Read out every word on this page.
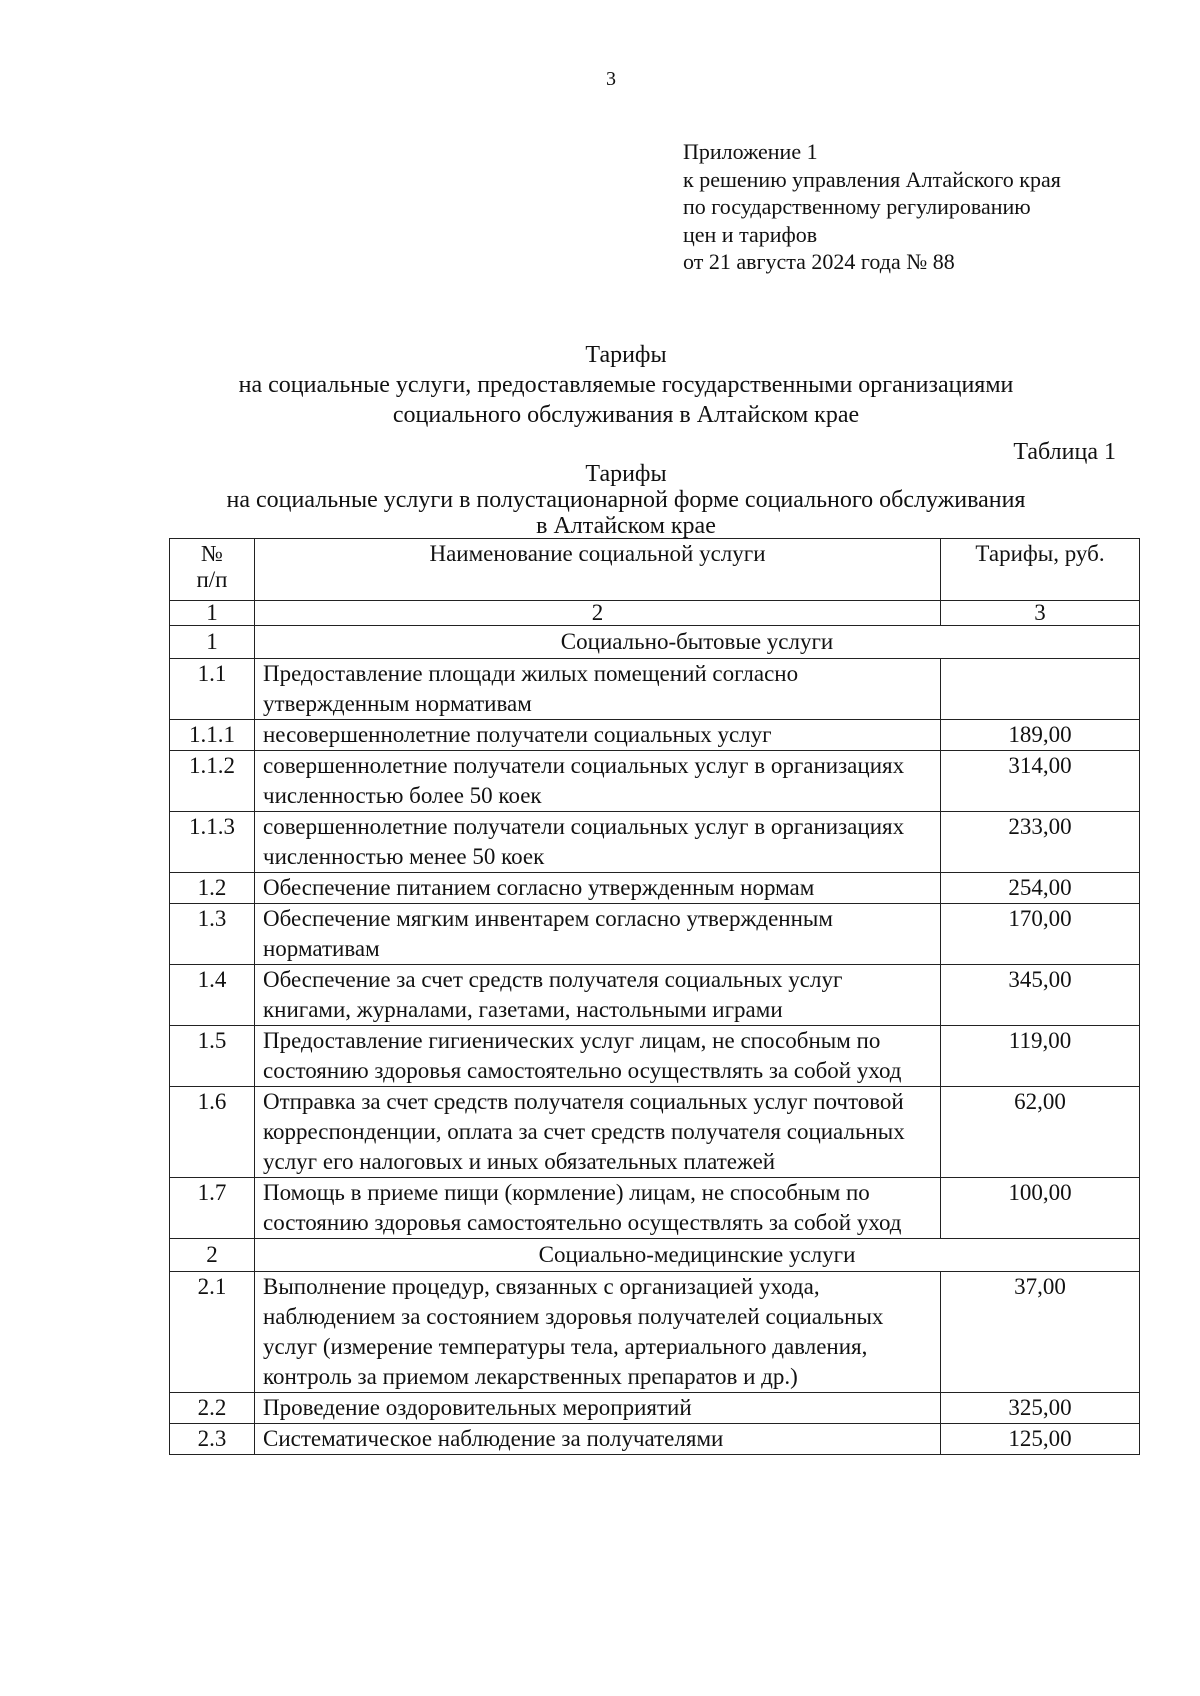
3
Приложение 1
к решению управления Алтайского края
по государственному регулированию
цен и тарифов
от 21 августа 2024 года № 88
Тарифы
на социальные услуги, предоставляемые государственными организациями
социального обслуживания в Алтайском крае
Таблица 1
Тарифы
на социальные услуги в полустационарной форме социального обслуживания
в Алтайском крае
№
п/п	Наименование социальной услуги	Тарифы, руб.
1	2	3
1	Социально-бытовые услуги	
1.1	Предоставление площади жилых помещений согласно утвержденным нормативам	
1.1.1	несовершеннолетние получатели социальных услуг	189,00
1.1.2	совершеннолетние получатели социальных услуг в организациях численностью более 50 коек	314,00
1.1.3	совершеннолетние получатели социальных услуг в организациях численностью менее 50 коек	233,00
1.2	Обеспечение питанием согласно утвержденным нормам	254,00
1.3	Обеспечение мягким инвентарем согласно утвержденным нормативам	170,00
1.4	Обеспечение за счет средств получателя социальных услуг книгами, журналами, газетами, настольными играми	345,00
1.5	Предоставление гигиенических услуг лицам, не способным по состоянию здоровья самостоятельно осуществлять за собой уход	119,00
1.6	Отправка за счет средств получателя социальных услуг почтовой корреспонденции, оплата за счет средств получателя социальных услуг его налоговых и иных обязательных платежей	62,00
1.7	Помощь в приеме пищи (кормление) лицам, не способным по состоянию здоровья самостоятельно осуществлять за собой уход	100,00
2	Социально-медицинские услуги	
2.1	Выполнение процедур, связанных с организацией ухода, наблюдением за состоянием здоровья получателей социальных услуг (измерение температуры тела, артериального давления, контроль за приемом лекарственных препаратов и др.)	37,00
2.2	Проведение оздоровительных мероприятий	325,00
2.3	Систематическое наблюдение за получателями	125,00
